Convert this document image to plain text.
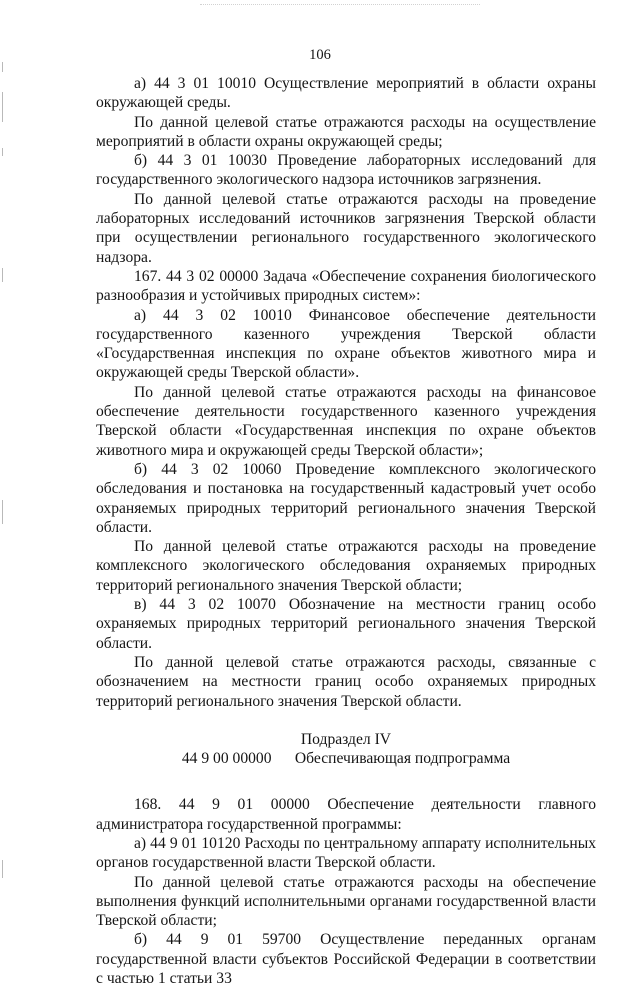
106

а) 44 3 01 10010 Осуществление мероприятий в области охраны окружающей среды.

По данной целевой статье отражаются расходы на осуществление мероприятий в области охраны окружающей среды;

б) 44 3 01 10030 Проведение лабораторных исследований для государственного экологического надзора источников загрязнения.

По данной целевой статье отражаются расходы на проведение лабораторных исследований источников загрязнения Тверской области при осуществлении регионального государственного экологического надзора.

167. 44 3 02 00000 Задача «Обеспечение сохранения биологического разнообразия и устойчивых природных систем»:

а) 44 3 02 10010 Финансовое обеспечение деятельности государственного казенного учреждения Тверской области «Государственная инспекция по охране объектов животного мира и окружающей среды Тверской области».

По данной целевой статье отражаются расходы на финансовое обеспечение деятельности государственного казенного учреждения Тверской области «Государственная инспекция по охране объектов животного мира и окружающей среды Тверской области»;

б) 44 3 02 10060 Проведение комплексного экологического обследования и постановка на государственный кадастровый учет особо охраняемых природных территорий регионального значения Тверской области.

По данной целевой статье отражаются расходы на проведение комплексного экологического обследования охраняемых природных территорий регионального значения Тверской области;

в) 44 3 02 10070 Обозначение на местности границ особо охраняемых природных территорий регионального значения Тверской области.

По данной целевой статье отражаются расходы, связанные с обозначением на местности границ особо охраняемых природных территорий регионального значения Тверской области.

Подраздел IV

44 9 00 00000 Обеспечивающая подпрограмма

168. 44 9 01 00000 Обеспечение деятельности главного администратора государственной программы:

а) 44 9 01 10120 Расходы по центральному аппарату исполнительных органов государственной власти Тверской области.

По данной целевой статье отражаются расходы на обеспечение выполнения функций исполнительными органами государственной власти Тверской области;

б) 44 9 01 59700 Осуществление переданных органам государственной власти субъектов Российской Федерации в соответствии с частью 1 статьи 33
